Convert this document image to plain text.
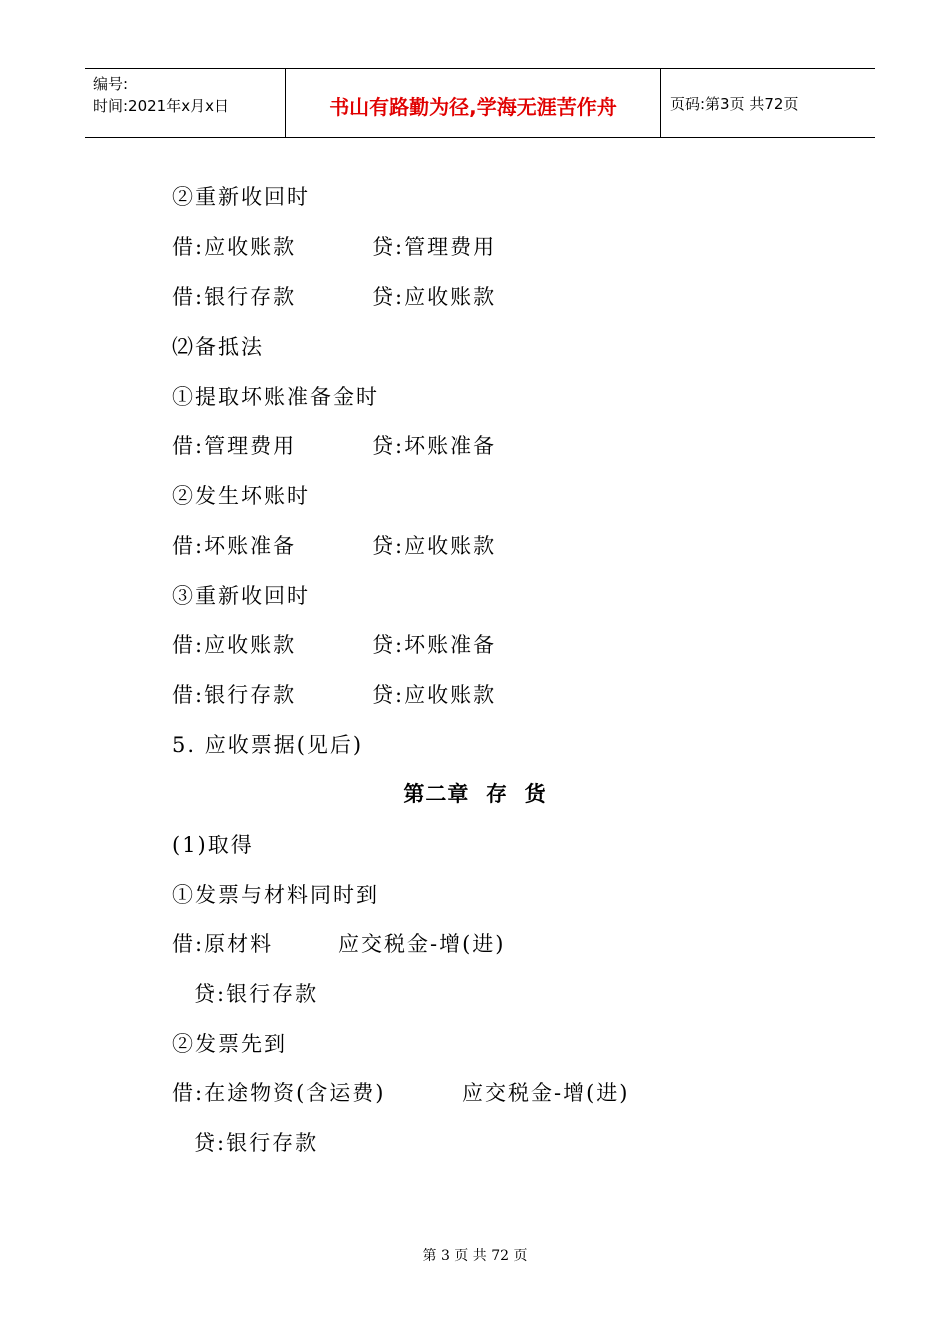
编号:
时间:2021年x月x日	书山有路勤为径,学海无涯苦作舟	页码:第3页 共72页
②重新收回时
借:应收账款	贷:管理费用
借:银行存款	贷:应收账款
⑵备抵法
①提取坏账准备金时
借:管理费用	贷:坏账准备
②发生坏账时
借:坏账准备	贷:应收账款
③重新收回时
借:应收账款	贷:坏账准备
借:银行存款	贷:应收账款
5. 应收票据(见后)
第二章  存  货
(1)取得
①发票与材料同时到
借:原材料	应交税金-增(进)
贷:银行存款
②发票先到
借:在途物资(含运费)	应交税金-增(进)
贷:银行存款
第 3 页 共 72 页
